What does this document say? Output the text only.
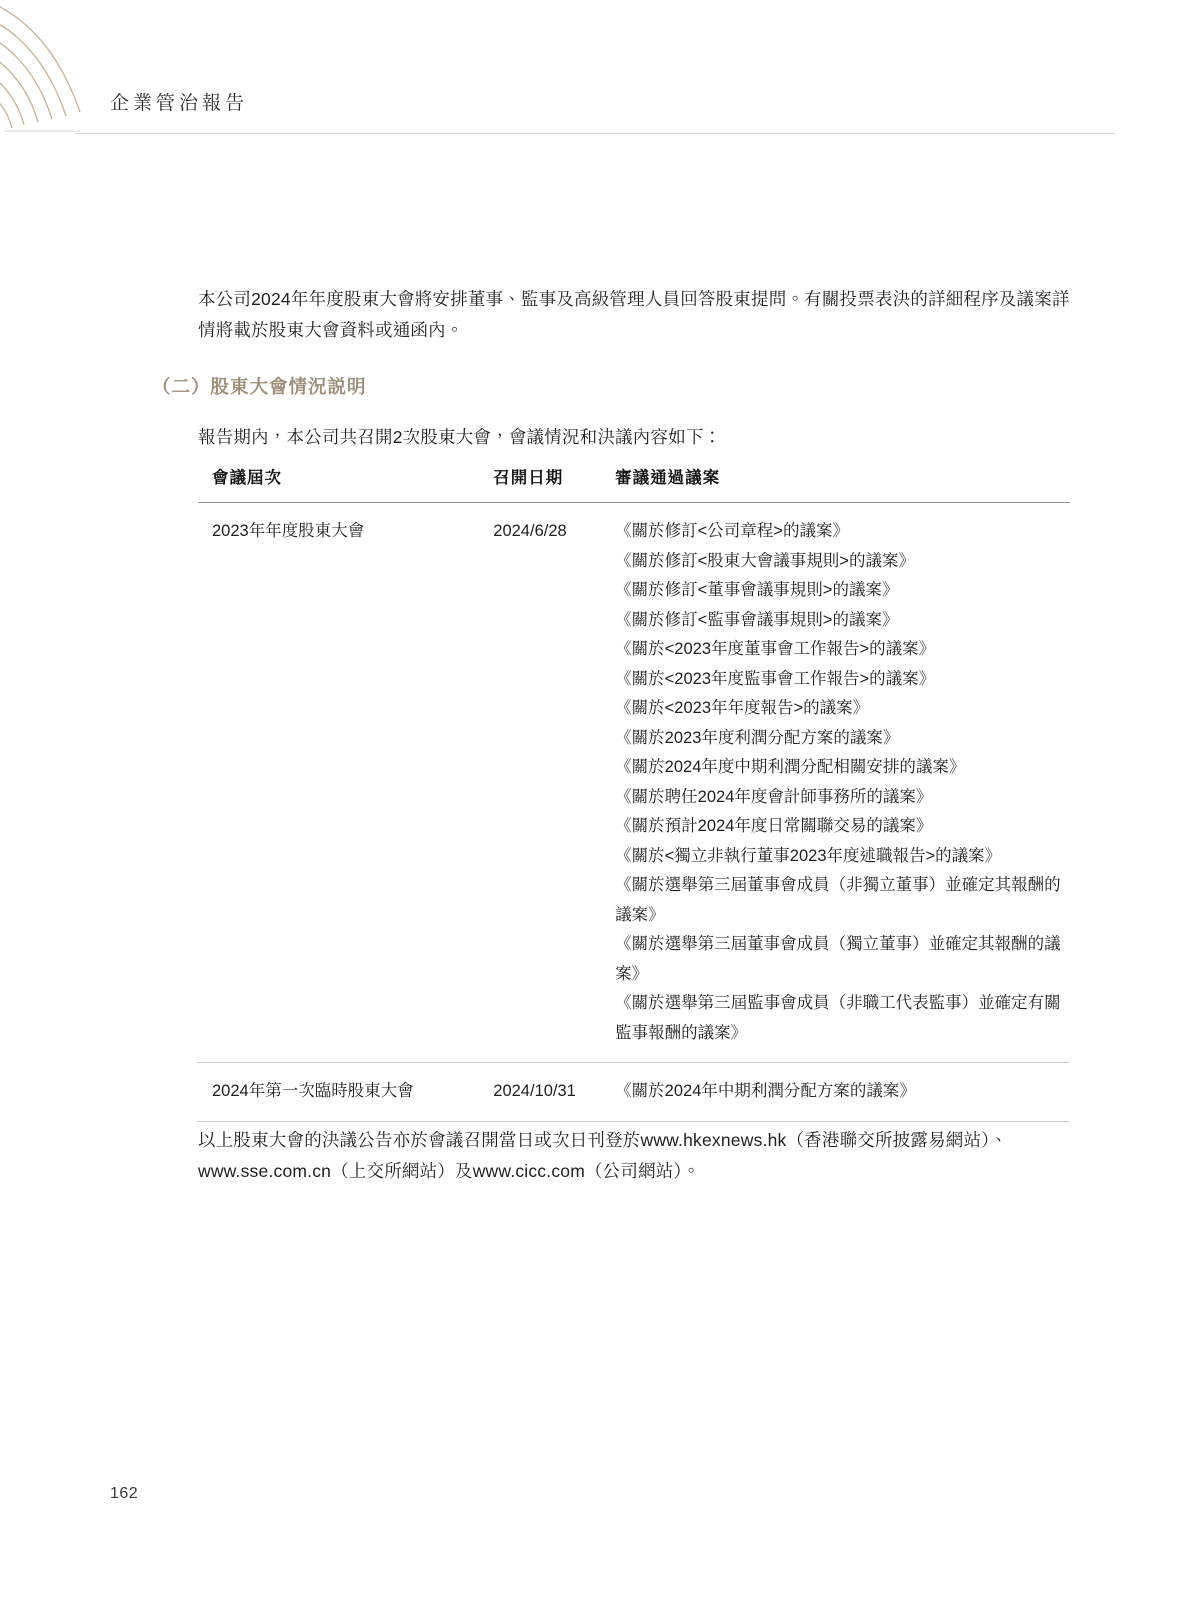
企業管治報告

本公司2024年年度股東大會將安排董事、監事及高級管理人員回答股東提問。有關投票表決的詳細程序及議案詳情將載於股東大會資料或通函內。

（二）股東大會情況説明

報告期內，本公司共召開2次股東大會，會議情況和決議內容如下：

會議屆次	召開日期	審議通過議案
2023年年度股東大會	2024/6/28	《關於修訂<公司章程>的議案》
《關於修訂<股東大會議事規則>的議案》
《關於修訂<董事會議事規則>的議案》
《關於修訂<監事會議事規則>的議案》
《關於<2023年度董事會工作報告>的議案》
《關於<2023年度監事會工作報告>的議案》
《關於<2023年年度報告>的議案》
《關於2023年度利潤分配方案的議案》
《關於2024年度中期利潤分配相關安排的議案》
《關於聘任2024年度會計師事務所的議案》
《關於預計2024年度日常關聯交易的議案》
《關於<獨立非執行董事2023年度述職報告>的議案》
《關於選舉第三屆董事會成員（非獨立董事）並確定其報酬的議案》
《關於選舉第三屆董事會成員（獨立董事）並確定其報酬的議案》
《關於選舉第三屆監事會成員（非職工代表監事）並確定有關監事報酬的議案》

2024年第一次臨時股東大會	2024/10/31	《關於2024年中期利潤分配方案的議案》

以上股東大會的決議公告亦於會議召開當日或次日刊登於www.hkexnews.hk（香港聯交所披露易網站）、www.sse.com.cn（上交所網站）及www.cicc.com（公司網站）。

162
